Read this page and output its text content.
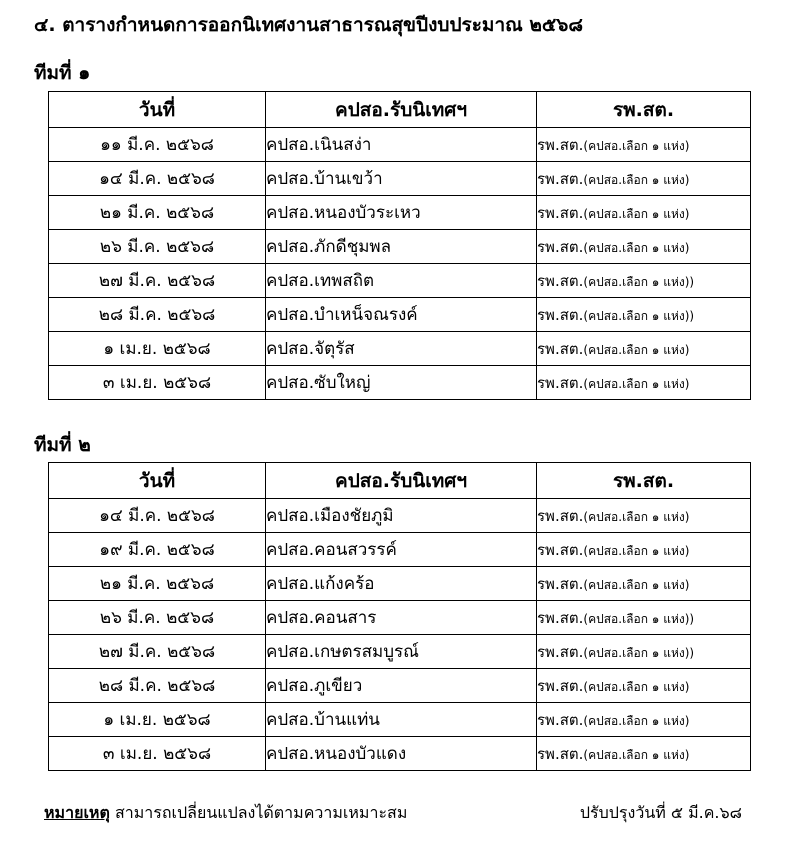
๔. ตารางกำหนดการออกนิเทศงานสาธารณสุขปีงบประมาณ ๒๕๖๘
ทีมที่ ๑
วันที่	คปสอ.รับนิเทศฯ	รพ.สต.
๑๑ มี.ค. ๒๕๖๘	คปสอ.เนินสง่า	รพ.สต.(คปสอ.เลือก ๑ แห่ง)
๑๔ มี.ค. ๒๕๖๘	คปสอ.บ้านเขว้า	รพ.สต.(คปสอ.เลือก ๑ แห่ง)
๒๑ มี.ค. ๒๕๖๘	คปสอ.หนองบัวระเหว	รพ.สต.(คปสอ.เลือก ๑ แห่ง)
๒๖ มี.ค. ๒๕๖๘	คปสอ.ภักดีชุมพล	รพ.สต.(คปสอ.เลือก ๑ แห่ง)
๒๗ มี.ค. ๒๕๖๘	คปสอ.เทพสถิต	รพ.สต.(คปสอ.เลือก ๑ แห่ง))
๒๘ มี.ค. ๒๕๖๘	คปสอ.บำเหน็จณรงค์	รพ.สต.(คปสอ.เลือก ๑ แห่ง))
๑ เม.ย. ๒๕๖๘	คปสอ.จัตุรัส	รพ.สต.(คปสอ.เลือก ๑ แห่ง)
๓ เม.ย. ๒๕๖๘	คปสอ.ซับใหญ่	รพ.สต.(คปสอ.เลือก ๑ แห่ง)
ทีมที่ ๒
วันที่	คปสอ.รับนิเทศฯ	รพ.สต.
๑๔ มี.ค. ๒๕๖๘	คปสอ.เมืองชัยภูมิ	รพ.สต.(คปสอ.เลือก ๑ แห่ง)
๑๙ มี.ค. ๒๕๖๘	คปสอ.คอนสวรรค์	รพ.สต.(คปสอ.เลือก ๑ แห่ง)
๒๑ มี.ค. ๒๕๖๘	คปสอ.แก้งคร้อ	รพ.สต.(คปสอ.เลือก ๑ แห่ง)
๒๖ มี.ค. ๒๕๖๘	คปสอ.คอนสาร	รพ.สต.(คปสอ.เลือก ๑ แห่ง))
๒๗ มี.ค. ๒๕๖๘	คปสอ.เกษตรสมบูรณ์	รพ.สต.(คปสอ.เลือก ๑ แห่ง))
๒๘ มี.ค. ๒๕๖๘	คปสอ.ภูเขียว	รพ.สต.(คปสอ.เลือก ๑ แห่ง)
๑ เม.ย. ๒๕๖๘	คปสอ.บ้านแท่น	รพ.สต.(คปสอ.เลือก ๑ แห่ง)
๓ เม.ย. ๒๕๖๘	คปสอ.หนองบัวแดง	รพ.สต.(คปสอ.เลือก ๑ แห่ง)
หมายเหตุ สามารถเปลี่ยนแปลงได้ตามความเหมาะสม	ปรับปรุงวันที่ ๕ มี.ค.๖๘
